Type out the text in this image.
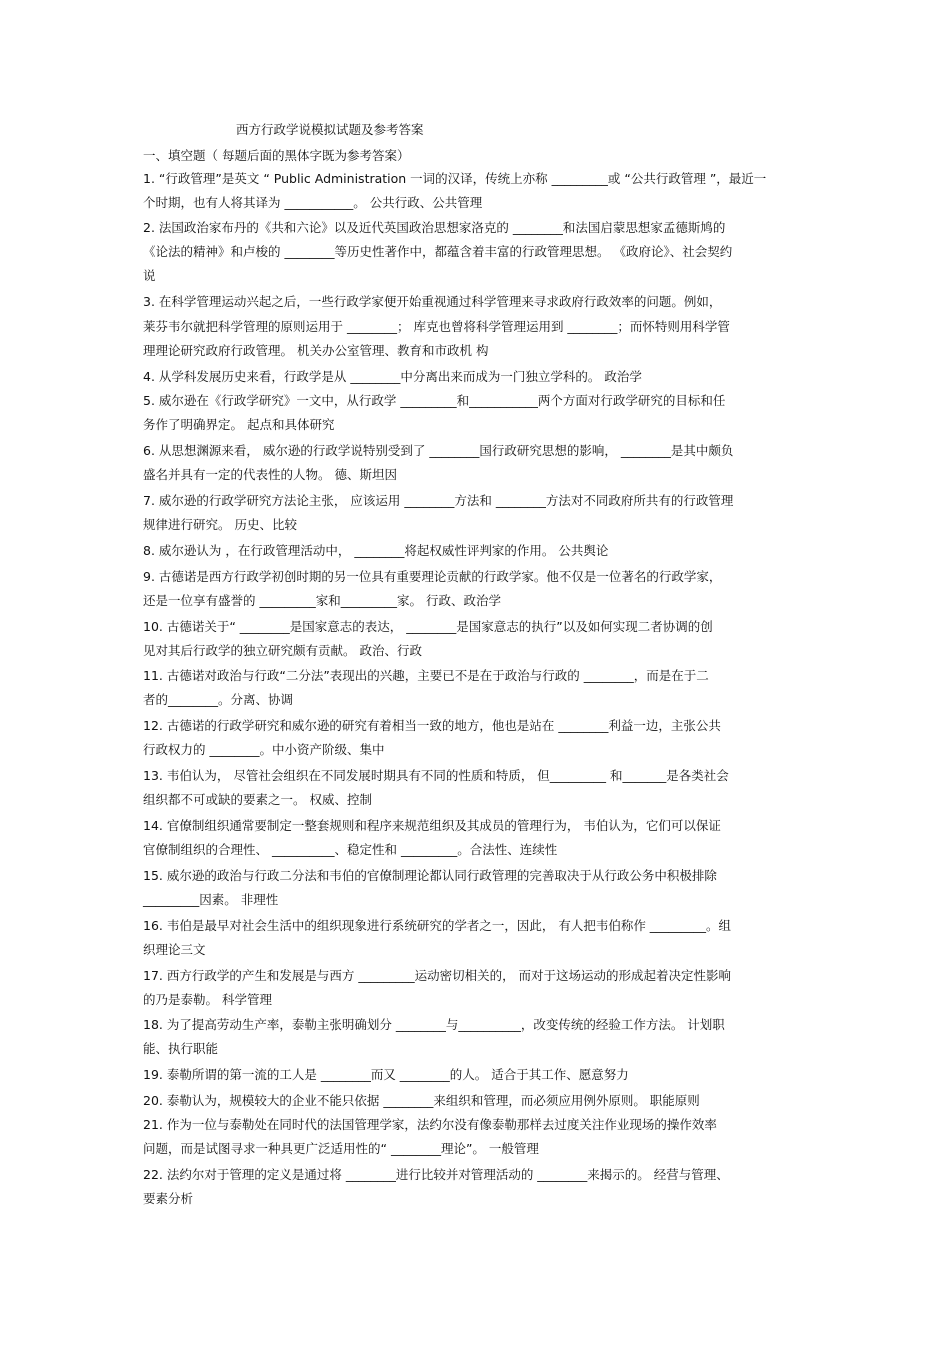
西方行政学说模拟试题及参考答案
一、填空题（ 每题后面的黑体字既为参考答案）
1. “行政管理”是英文 “ Public Administration 一词的汉译，传统上亦称 _________或 “公共行政管理 ”，最近一
个时期，也有人将其译为 ___________。 公共行政、公共管理
2. 法国政治家布丹的《共和六论》以及近代英国政治思想家洛克的 ________和法国启蒙思想家孟德斯鸠的
《论法的精神》和卢梭的 ________等历史性著作中，都蕴含着丰富的行政管理思想。 《政府论》、社会契约
说
3. 在科学管理运动兴起之后，一些行政学家便开始重视通过科学管理来寻求政府行政效率的问题。例如，
莱芬韦尔就把科学管理的原则运用于 ________； 库克也曾将科学管理运用到 ________；而怀特则用科学管
理理论研究政府行政管理。 机关办公室管理、教育和市政机 构
4. 从学科发展历史来看，行政学是从 ________中分离出来而成为一门独立学科的。 政治学
5. 威尔逊在《行政学研究》一文中，从行政学 _________和___________两个方面对行政学研究的目标和任
务作了明确界定。 起点和具体研究
6. 从思想渊源来看， 威尔逊的行政学说特别受到了 ________国行政研究思想的影响， ________是其中颇负
盛名并具有一定的代表性的人物。 德、斯坦因
7. 威尔逊的行政学研究方法论主张， 应该运用 ________方法和 ________方法对不同政府所共有的行政管理
规律进行研究。 历史、比较
8. 威尔逊认为 ，在行政管理活动中， ________将起权威性评判家的作用。 公共舆论
9. 古德诺是西方行政学初创时期的另一位具有重要理论贡献的行政学家。他不仅是一位著名的行政学家，
还是一位享有盛誉的 _________家和_________家。 行政、政治学
10. 古德诺关于“ ________是国家意志的表达， ________是国家意志的执行”以及如何实现二者协调的创
见对其后行政学的独立研究颇有贡献。 政治、行政
11. 古德诺对政治与行政“二分法”表现出的兴趣，主要已不是在于政治与行政的 ________，而是在于二
者的________。分离、协调
12. 古德诺的行政学研究和威尔逊的研究有着相当一致的地方，他也是站在 ________利益一边，主张公共
行政权力的 ________。中小资产阶级、集中
13. 韦伯认为， 尽管社会组织在不同发展时期具有不同的性质和特质， 但_________ 和_______是各类社会
组织都不可或缺的要素之一。 权威、控制
14. 官僚制组织通常要制定一整套规则和程序来规范组织及其成员的管理行为， 韦伯认为，它们可以保证
官僚制组织的合理性、 __________、稳定性和 _________。合法性、连续性
15. 威尔逊的政治与行政二分法和韦伯的官僚制理论都认同行政管理的完善取决于从行政公务中积极排除
_________因素。 非理性
16. 韦伯是最早对社会生活中的组织现象进行系统研究的学者之一，因此， 有人把韦伯称作 _________。组
织理论三文
17. 西方行政学的产生和发展是与西方 _________运动密切相关的， 而对于这场运动的形成起着决定性影响
的乃是泰勒。 科学管理
18. 为了提高劳动生产率，泰勒主张明确划分 ________与__________，改变传统的经验工作方法。 计划职
能、执行职能
19. 泰勒所谓的第一流的工人是 ________而又 ________的人。 适合于其工作、愿意努力
20. 泰勒认为，规模较大的企业不能只依据 ________来组织和管理，而必须应用例外原则。 职能原则
21. 作为一位与泰勒处在同时代的法国管理学家，法约尔没有像泰勒那样去过度关注作业现场的操作效率
问题，而是试图寻求一种具更广泛适用性的“ ________理论”。 一般管理
22. 法约尔对于管理的定义是通过将 ________进行比较并对管理活动的 ________来揭示的。 经营与管理、
要素分析
